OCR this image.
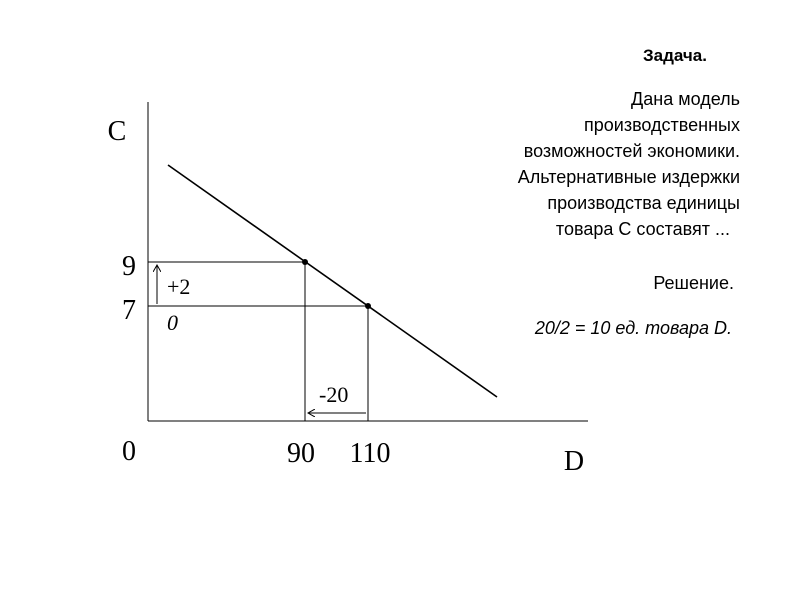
C
D
0
9
7
90 110
+2
0
-20

Задача.

Дана модель
производственных
возможностей экономики.
Альтернативные издержки
производства единицы
товара С составят ...

Решение.

20/2 = 10 ед. товара D.
